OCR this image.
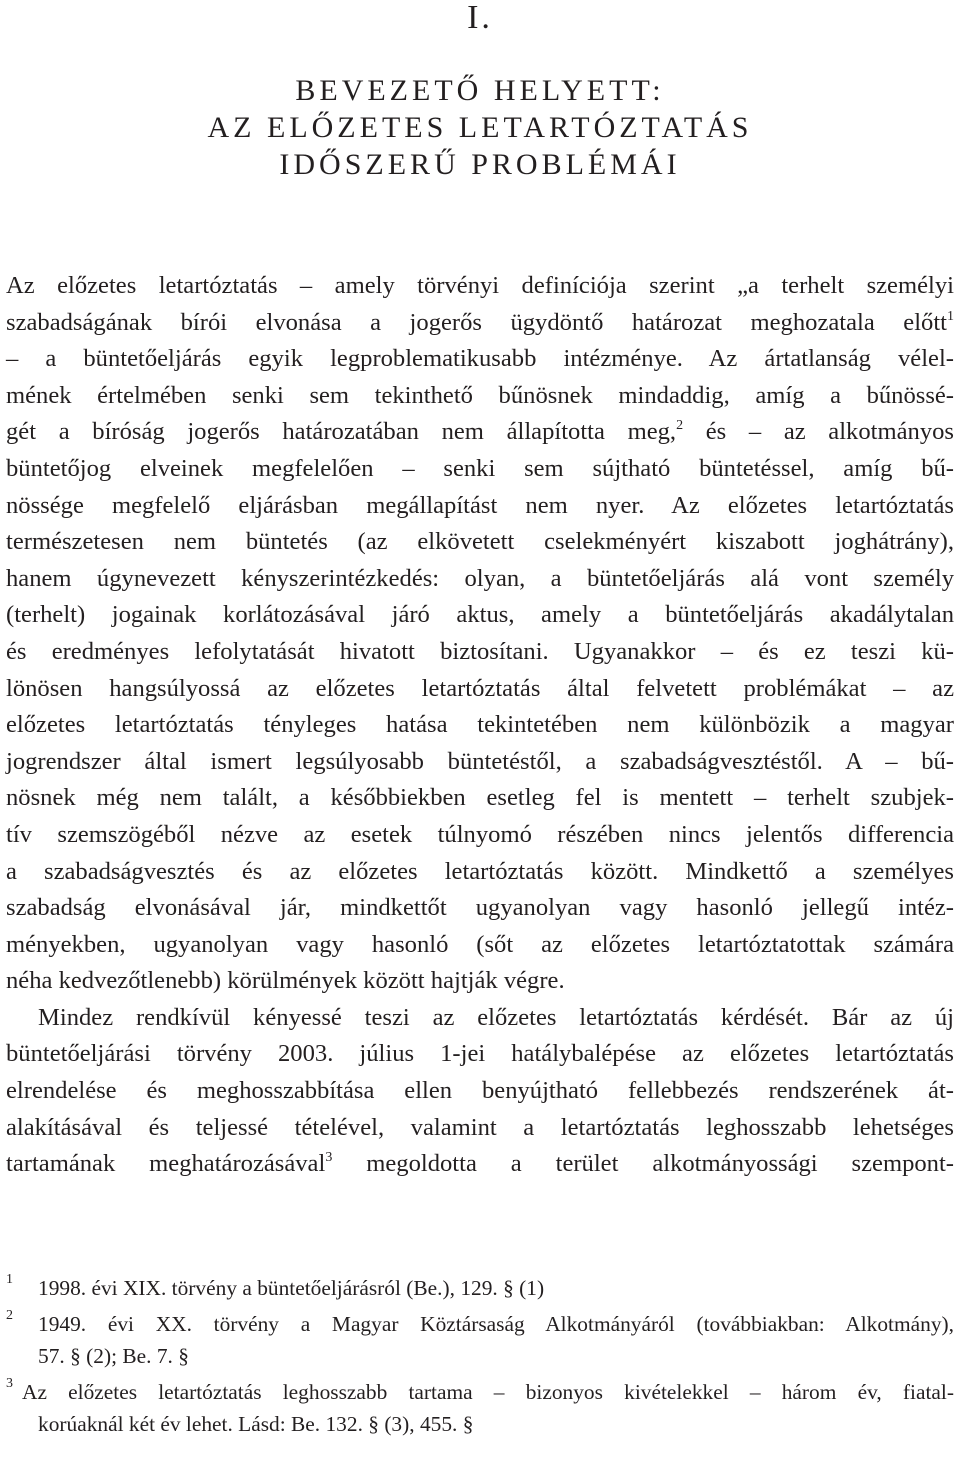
I.
BEVEZETŐ HELYETT:
AZ ELŐZETES LETARTÓZTATÁS
IDŐSZERŰ PROBLÉMÁI
Az előzetes letartóztatás – amely törvényi definíciója szerint „a terhelt személyi
szabadságának bírói elvonása a jogerős ügydöntő határozat meghozatala előtt$^1$
– a büntetőeljárás egyik legproblematikusabb intézménye. Az ártatlanság vélel-
mének értelmében senki sem tekinthető bűnösnek mindaddig, amíg a bűnössé-
gét a bíróság jogerős határozatában nem állapította meg,$^2$ és – az alkotmányos
büntetőjog elveinek megfelelően – senki sem sújtható büntetéssel, amíg bű-
nössége megfelelő eljárásban megállapítást nem nyer. Az előzetes letartóztatás
természetesen nem büntetés (az elkövetett cselekményért kiszabott joghátrány),
hanem úgynevezett kényszerintézkedés: olyan, a büntetőeljárás alá vont személy
(terhelt) jogainak korlátozásával járó aktus, amely a büntetőeljárás akadálytalan
és eredményes lefolytatását hivatott biztosítani. Ugyanakkor – és ez teszi kü-
lönösen hangsúlyossá az előzetes letartóztatás által felvetett problémákat – az
előzetes letartóztatás tényleges hatása tekintetében nem különbözik a magyar
jogrendszer által ismert legsúlyosabb büntetéstől, a szabadságvesztéstől. A – bű-
nösnek még nem talált, a későbbiekben esetleg fel is mentett – terhelt szubjek-
tív szemszögéből nézve az esetek túlnyomó részében nincs jelentős differencia
a szabadságvesztés és az előzetes letartóztatás között. Mindkettő a személyes
szabadság elvonásával jár, mindkettőt ugyanolyan vagy hasonló jellegű intéz-
ményekben, ugyanolyan vagy hasonló (sőt az előzetes letartóztatottak számára
néha kedvezőtlenebb) körülmények között hajtják végre.
Mindez rendkívül kényessé teszi az előzetes letartóztatás kérdését. Bár az új
büntetőeljárási törvény 2003. július 1-jei hatálybalépése az előzetes letartóztatás
elrendelése és meghosszabbítása ellen benyújtható fellebbezés rendszerének át-
alakításával és teljessé tételével, valamint a letartóztatás leghosszabb lehetséges
tartamának meghatározásával$^3$ megoldotta a terület alkotmányossági szempont-
1 1998. évi XIX. törvény a büntetőeljárásról (Be.), 129. § (1)
2 1949. évi XX. törvény a Magyar Köztársaság Alkotmányáról (továbbiakban: Alkotmány),
57. § (2); Be. 7. §
3 Az előzetes letartóztatás leghosszabb tartama – bizonyos kivételekkel – három év, fiatal-
korúaknál két év lehet. Lásd: Be. 132. § (3), 455. §
